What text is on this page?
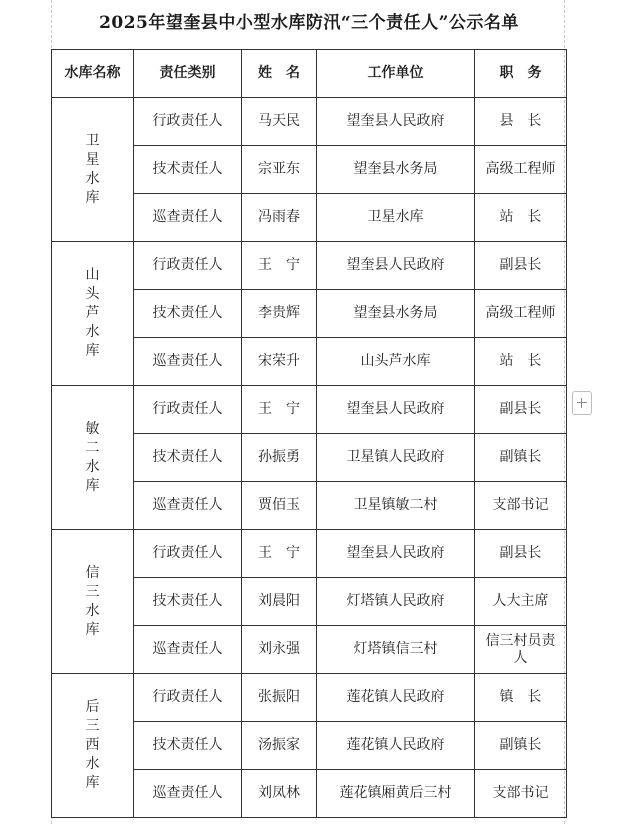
2025年望奎县中小型水库防汛“三个责任人”公示名单
水库名称	责任类别	姓　名	工作单位	职　务
卫星水库	行政责任人	马天民	望奎县人民政府	县　长
	技术责任人	宗亚东	望奎县水务局	高级工程师
	巡查责任人	冯雨春	卫星水库	站　长
山头芦水库	行政责任人	王　宁	望奎县人民政府	副县长
	技术责任人	李贵辉	望奎县水务局	高级工程师
	巡查责任人	宋荣升	山头芦水库	站　长
敏二水库	行政责任人	王　宁	望奎县人民政府	副县长
	技术责任人	孙振勇	卫星镇人民政府	副镇长
	巡查责任人	贾佰玉	卫星镇敏二村	支部书记
信三水库	行政责任人	王　宁	望奎县人民政府	副县长
	技术责任人	刘晨阳	灯塔镇人民政府	人大主席
	巡查责任人	刘永强	灯塔镇信三村	信三村员责人
后三西水库	行政责任人	张振阳	莲花镇人民政府	镇　长
	技术责任人	汤振家	莲花镇人民政府	副镇长
	巡查责任人	刘凤林	莲花镇厢黄后三村	支部书记
